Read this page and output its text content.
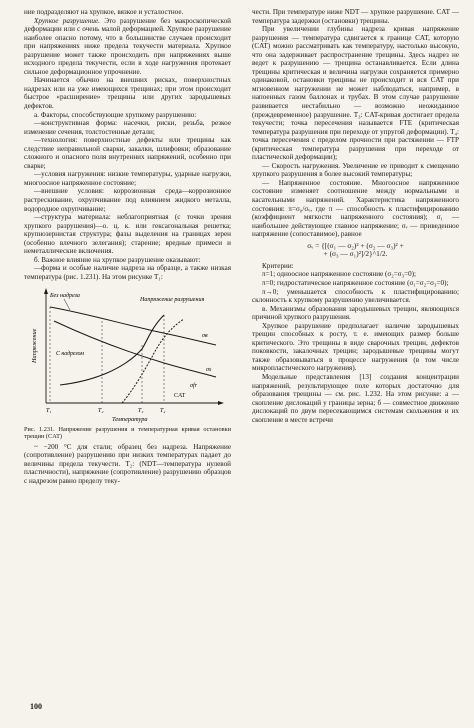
ние подразделяют на хрупкое, вязкое и усталостное.

Хрупкое разрушение. Это разрушение без макроскопической деформации или с очень малой деформацией. Хрупкое разрушение наиболее опасно потому, что в большинстве случаев происходит при напряжениях ниже предела текучести материала. Хрупкое разрушение может также происходить при напряжениях выше исходного предела текучести, если в ходе нагружения протекает сильное деформационное упрочнение.

Начинается обычно на внешних рисках, поверхностных надрезах или на уже имеющихся трещинах; при этом происходит быстрое «расширение» трещины или других зародышевых дефектов.

а. Факторы, способствующие хрупкому разрушению:

—конструктивная форма: насечки, риски, резьба, резкое изменение сечения, толстостенные детали;

—технология: поверхностные дефекты или трещины как следствие неправильной сварки, закалки, шлифовки; образование сложного и опасного поля внутренних напряжений, особенно при сварке;

—условия нагружения: низкие температуры, ударные нагрузки, многоосное напряженное состояние;

—внешние условия: коррозионная среда—коррозионное растрескивание, охрупчивание под влиянием жидкого металла, водородное охрупчивание;

—структура материала: неблагоприятная (с точки зрения хрупкого разрушения)—о. ц. к. или гексагональная решетка; крупнозернистая структура; фазы выделения на границах зерен (особенно влечного зелегания); старение; вредные примеси и неметаллические включения.

б. Важное влияние на хрупкое разрушение оказывают:

—форма и особые наличие надреза на образце, а также низкая температура (рис. 1.231). На этом рисунке T₁:

Напряжение
Температура
Без надреза
σв
σs
Напряжение разрушения
CAT
σfr
С надрезом
T₁	T₂	T₃	T₄
Рис. 1.231. Напряжение разрушения и температурная кривая остановки трещин (CAT)

~ −200 °С для стали; образец без надреза. Напряжение (сопротивление) разрушению при низких температурах падает до величины предела текучести. T₂: (NDT—температура нулевой пластичности), напряжение (сопротивление) разрушению образцов с надрезом равно пределу теку-

чести. При температуре ниже NDT — хрупкое разрушение. CAT — температура задержки (остановки) трещины.

При увеличении глубины надреза кривая напряжение разрушения — температура сдвигается к границе CAT, которую (CAT) можно рассматривать как температуру, настолько высокую, что она задерживает распространение трещины. Здесь надрез не ведет к разрушению — трещина останавливается. Если длина трещины критическая и величина нагрузки сохраняется примерно одинаковой, остановки трещины не происходит и вся CAT при мгновенном нагружении не может наблюдаться, например, в напоенных газом баллонах и трубах. В этом случае разрушение развивается нестабильно — возможно неожиданное (преждевременное) разрушение. T₃: CAT-кривая достигает предела текучести; точка пересечения называется FTE (критическая температура разрушения при переходе от упругой деформации). T₄: точка пересечения с пределом прочности при растяжении — FTP (критическая температура разрушения при переходе от пластической деформации);

— Скорость нагружения. Увеличение ее приводит к смещению хрупкого разрушения в более высокий температуры;

— Напряженное состояние. Многоосное напряженное состояние изменяет соотношение между нормальными и касательными напряжений. Характеристика напряженного состояния: π=σ₀/σᵥ, где π — способность к пластифицированию (коэффициент мягкости напряженного состояния); σ₁ — наибольшее действующее главное напряжение; σᵥ — приведенное напряжение (сопоставимое), равное

σᵥ = {[(σ₁ — σ₂)² + (σ₂ — σ₃)² +
+ (σ₃ — σ₁)²]/2}^1/2.

Критерии:

π=1; одноосное напряженное состояние (σ₂=σ₃=0);

π=0; гидростатическое напряженное состояние (σ₁=σ₂=σ₃=0);

π→0; уменьшается способность к пластифицированию; склонность к хрупкому разрушению увеличивается.

в. Механизмы образования зародышевых трещин, являющихся причиной хрупкого разрушения.

Хрупкое разрушение предполагает наличие зародышевых трещин способных к росту, т. е. имеющих размер больше критического. Это трещины в виде сварочных трещин, дефектов поковкости, закалочных трещин; зародышевые трещины могут также образовываться в процессе нагружения (в том числе микропластического нагружения).

Модельные представления [13] создания концентрации напряжений, результирующее поле которых достаточно для образования трещины — см. рис. 1.232. На этом рисунке: а — скопление дислокаций у границы зерна; б — совместное движение дислокаций по двум пересекающимся системам скольжения и их скопление в месте встречи

100
